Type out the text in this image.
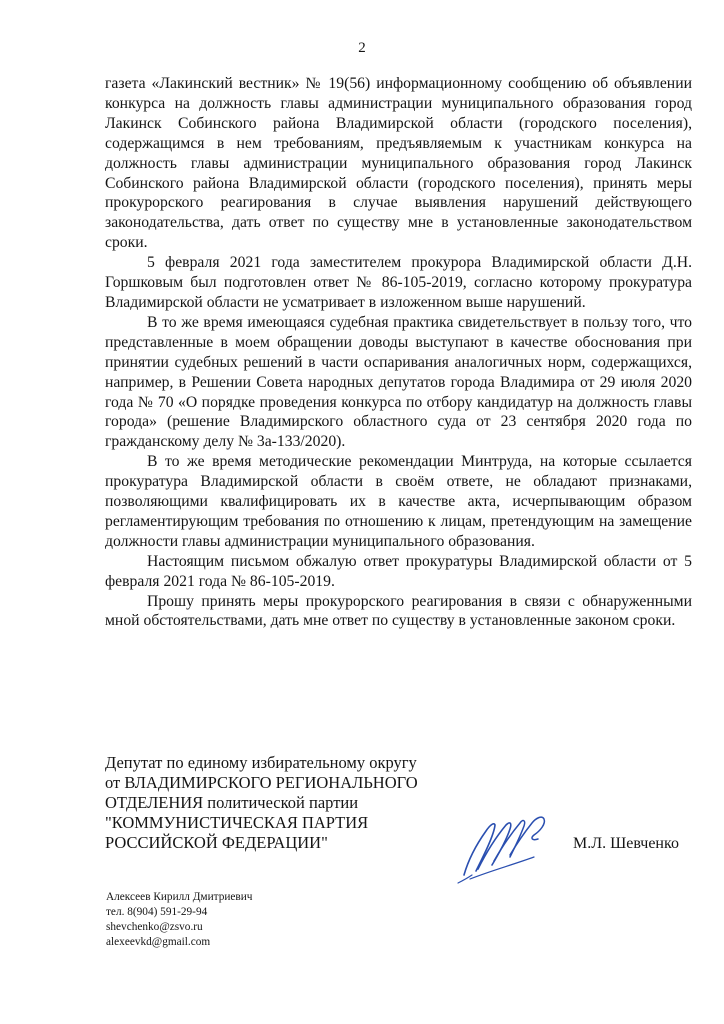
2

газета «Лакинский вестник» № 19(56) информационному сообщению об объявлении конкурса на должность главы администрации муниципального образования город Лакинск Собинского района Владимирской области (городского поселения), содержащимся в нем требованиям, предъявляемым к участникам конкурса на должность главы администрации муниципального образования город Лакинск Собинского района Владимирской области (городского поселения), принять меры прокурорского реагирования в случае выявления нарушений действующего законодательства, дать ответ по существу мне в установленные законодательством сроки.

5 февраля 2021 года заместителем прокурора Владимирской области Д.Н. Горшковым был подготовлен ответ № 86-105-2019, согласно которому прокуратура Владимирской области не усматривает в изложенном выше нарушений.

В то же время имеющаяся судебная практика свидетельствует в пользу того, что представленные в моем обращении доводы выступают в качестве обоснования при принятии судебных решений в части оспаривания аналогичных норм, содержащихся, например, в Решении Совета народных депутатов города Владимира от 29 июля 2020 года № 70 «О порядке проведения конкурса по отбору кандидатур на должность главы города» (решение Владимирского областного суда от 23 сентября 2020 года по гражданскому делу № 3а-133/2020).

В то же время методические рекомендации Минтруда, на которые ссылается прокуратура Владимирской области в своём ответе, не обладают признаками, позволяющими квалифицировать их в качестве акта, исчерпывающим образом регламентирующим требования по отношению к лицам, претендующим на замещение должности главы администрации муниципального образования.

Настоящим письмом обжалую ответ прокуратуры Владимирской области от 5 февраля 2021 года № 86-105-2019.

Прошу принять меры прокурорского реагирования в связи с обнаруженными мной обстоятельствами, дать мне ответ по существу в установленные законом сроки.

Депутат по единому избирательному округу
от ВЛАДИМИРСКОГО РЕГИОНАЛЬНОГО
ОТДЕЛЕНИЯ политической партии
"КОММУНИСТИЧЕСКАЯ ПАРТИЯ
РОССИЙСКОЙ ФЕДЕРАЦИИ"	М.Л. Шевченко
Алексеев Кирилл Дмитриевич
тел. 8(904) 591-29-94
shevchenko@zsvo.ru
alexeevkd@gmail.com
